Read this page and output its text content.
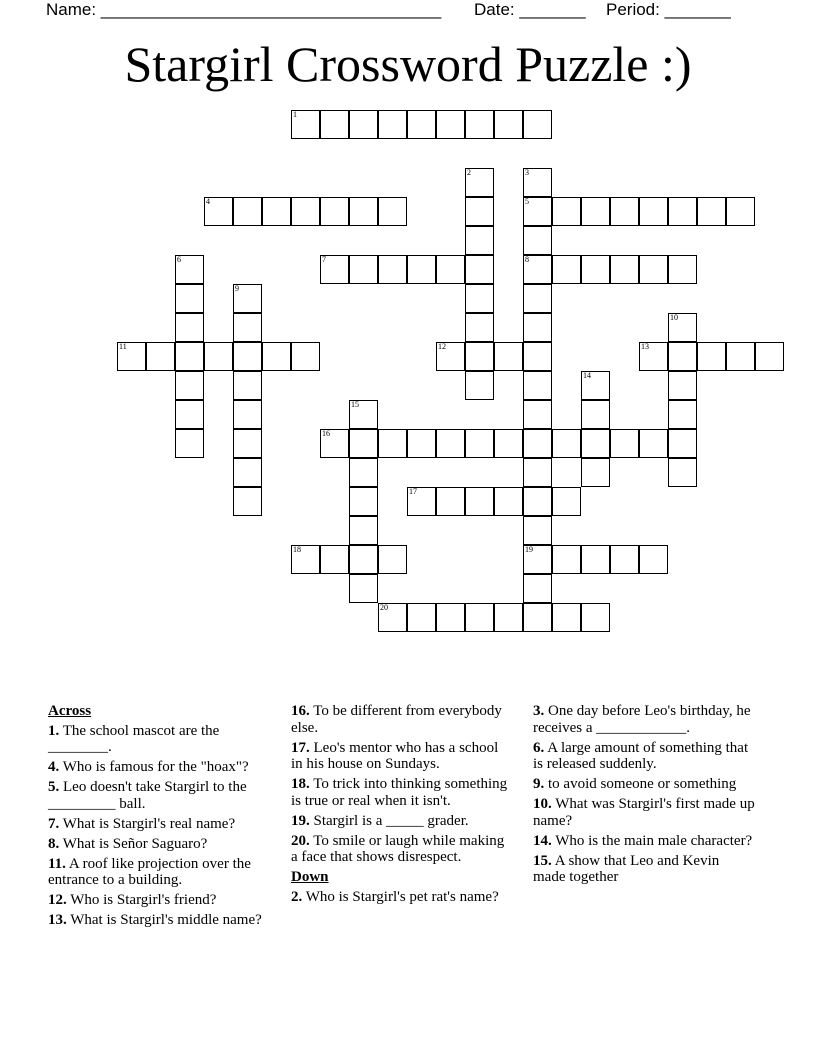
Name: ____________________________________ Date: _______ Period: _______
Stargirl Crossword Puzzle :)
1
2	3
5
8
19
4
6	7
9
10
11	12	13
14
15
16
17
18
20
Across
1. The school mascot are the ________.
4. Who is famous for the "hoax"?
5. Leo doesn't take Stargirl to the _________ ball.
7. What is Stargirl's real name?
8. What is Señor Saguaro?
11. A roof like projection over the entrance to a building.
12. Who is Stargirl's friend?
13. What is Stargirl's middle name?
16. To be different from everybody else.
17. Leo's mentor who has a school in his house on Sundays.
18. To trick into thinking something is true or real when it isn't.
19. Stargirl is a _____ grader.
20. To smile or laugh while making a face that shows disrespect.
Down
2. Who is Stargirl's pet rat's name?
3. One day before Leo's birthday, he receives a ____________.
6. A large amount of something that is released suddenly.
9. to avoid someone or something
10. What was Stargirl's first made up name?
14. Who is the main male character?
15. A show that Leo and Kevin made together
